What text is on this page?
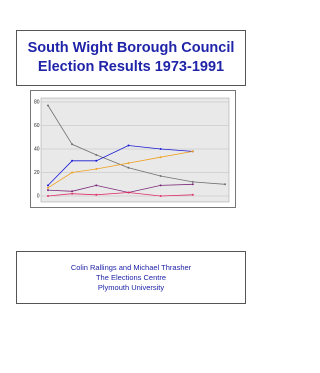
South Wight Borough Council
Election Results 1973-1991
0
20
40
60
80
Colin Rallings and Michael Thrasher
The Elections Centre
Plymouth University
